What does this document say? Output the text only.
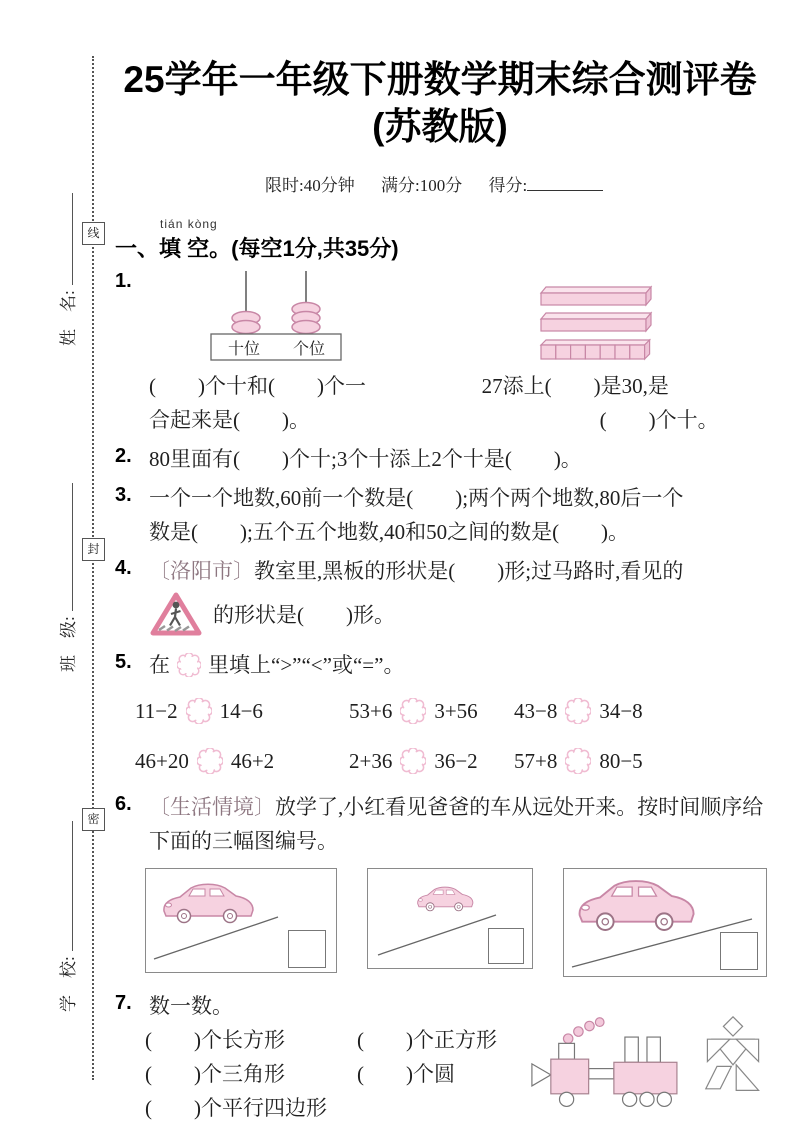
线
封
密
姓　名:
班　级:
学　校:
25学年一年级下册数学期末综合测评卷
(苏教版)
限时:40分钟 满分:100分 得分:
一、
tián kòng
填 空。(每空1分,共35分)
1.
十位 个位
(　　)个十和(　　)个一
合起来是(　　)。
27添上(　　)是30,是
(　　)个十。
2. 80里面有(　　)个十;3个十添上2个十是(　　)。
3. 一个一个地数,60前一个数是(　　);两个两个地数,80后一个
数是(　　);五个五个地数,40和50之间的数是(　　)。
4. 〔洛阳市〕教室里,黑板的形状是(　　)形;过马路时,看见的
的形状是(　　)形。
5. 在 里填上“>”“<”或“=”。
11−2 14−6	53+6 3+56 43−8 34−8
46+20 46+2	2+36 36−2 57+8 80−5
6. 〔生活情境〕放学了,小红看见爸爸的车从远处开来。按时间顺序给
下面的三幅图编号。
7. 数一数。
(　　)个长方形	(　　)个正方形
(　　)个三角形	(　　)个圆
(　　)个平行四边形
